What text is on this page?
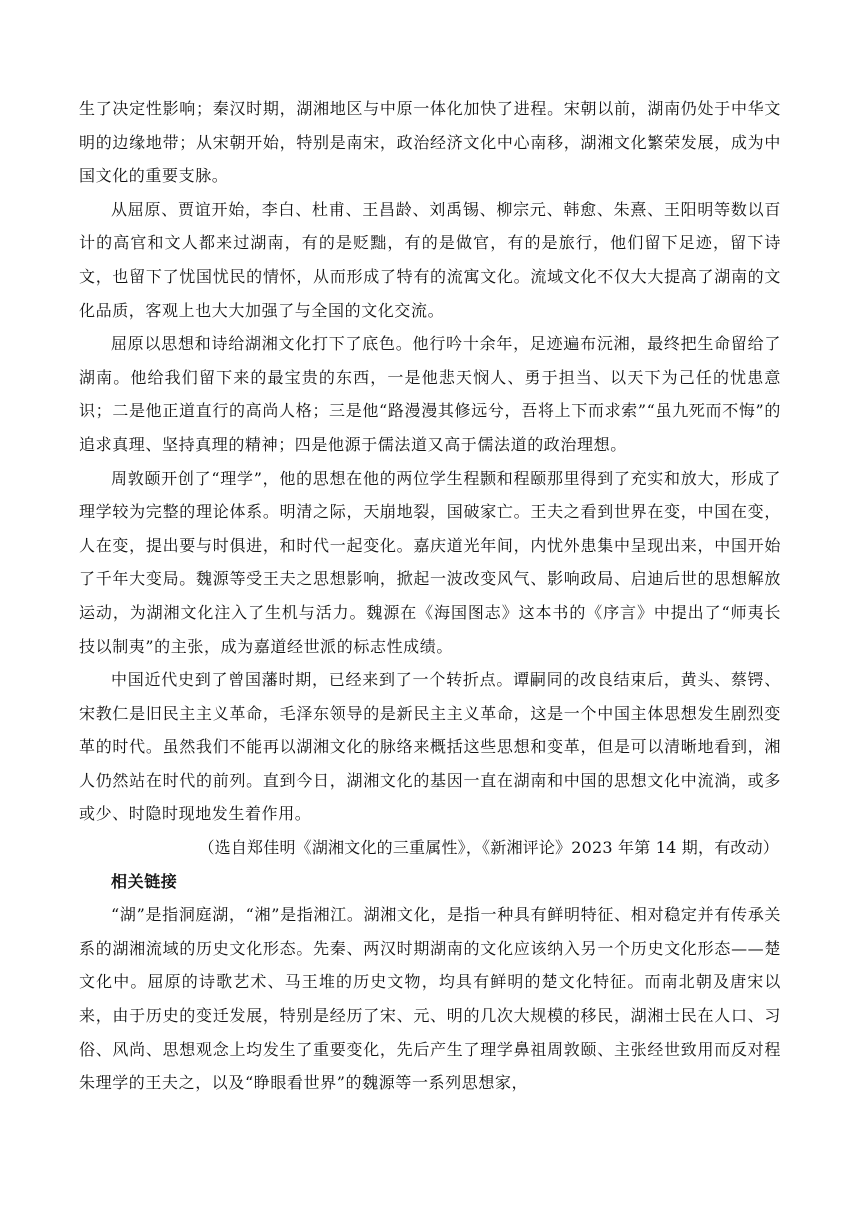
生了决定性影响；秦汉时期，湖湘地区与中原一体化加快了进程。宋朝以前，湖南仍处于中华文明的边缘地带；从宋朝开始，特别是南宋，政治经济文化中心南移，湖湘文化繁荣发展，成为中国文化的重要支脉。

从屈原、贾谊开始，李白、杜甫、王昌龄、刘禹锡、柳宗元、韩愈、朱熹、王阳明等数以百计的高官和文人都来过湖南，有的是贬黜，有的是做官，有的是旅行，他们留下足迹，留下诗文，也留下了忧国忧民的情怀，从而形成了特有的流寓文化。流域文化不仅大大提高了湖南的文化品质，客观上也大大加强了与全国的文化交流。

屈原以思想和诗给湖湘文化打下了底色。他行吟十余年，足迹遍布沅湘，最终把生命留给了湖南。他给我们留下来的最宝贵的东西，一是他悲天悯人、勇于担当、以天下为己任的忧患意识；二是他正道直行的高尚人格；三是他“路漫漫其修远兮，吾将上下而求索”“虽九死而不悔”的追求真理、坚持真理的精神；四是他源于儒法道又高于儒法道的政治理想。

周敦颐开创了“理学”，他的思想在他的两位学生程颢和程颐那里得到了充实和放大，形成了理学较为完整的理论体系。明清之际，天崩地裂，国破家亡。王夫之看到世界在变，中国在变，人在变，提出要与时俱进，和时代一起变化。嘉庆道光年间，内忧外患集中呈现出来，中国开始了千年大变局。魏源等受王夫之思想影响，掀起一波改变风气、影响政局、启迪后世的思想解放运动，为湖湘文化注入了生机与活力。魏源在《海国图志》这本书的《序言》中提出了“师夷长技以制夷”的主张，成为嘉道经世派的标志性成绩。

中国近代史到了曾国藩时期，已经来到了一个转折点。谭嗣同的改良结束后，黄头、蔡锷、宋教仁是旧民主主义革命，毛泽东领导的是新民主主义革命，这是一个中国主体思想发生剧烈变革的时代。虽然我们不能再以湖湘文化的脉络来概括这些思想和变革，但是可以清晰地看到，湘人仍然站在时代的前列。直到今日，湖湘文化的基因一直在湖南和中国的思想文化中流淌，或多或少、时隐时现地发生着作用。

（选自郑佳明《湖湘文化的三重属性》，《新湘评论》2023 年第 14 期，有改动）

相关链接

“湖”是指洞庭湖，“湘”是指湘江。湖湘文化，是指一种具有鲜明特征、相对稳定并有传承关系的湖湘流域的历史文化形态。先秦、两汉时期湖南的文化应该纳入另一个历史文化形态——楚文化中。屈原的诗歌艺术、马王堆的历史文物，均具有鲜明的楚文化特征。而南北朝及唐宋以来，由于历史的变迁发展，特别是经历了宋、元、明的几次大规模的移民，湖湘士民在人口、习俗、风尚、思想观念上均发生了重要变化，先后产生了理学鼻祖周敦颐、主张经世致用而反对程朱理学的王夫之，以及“睁眼看世界”的魏源等一系列思想家，
